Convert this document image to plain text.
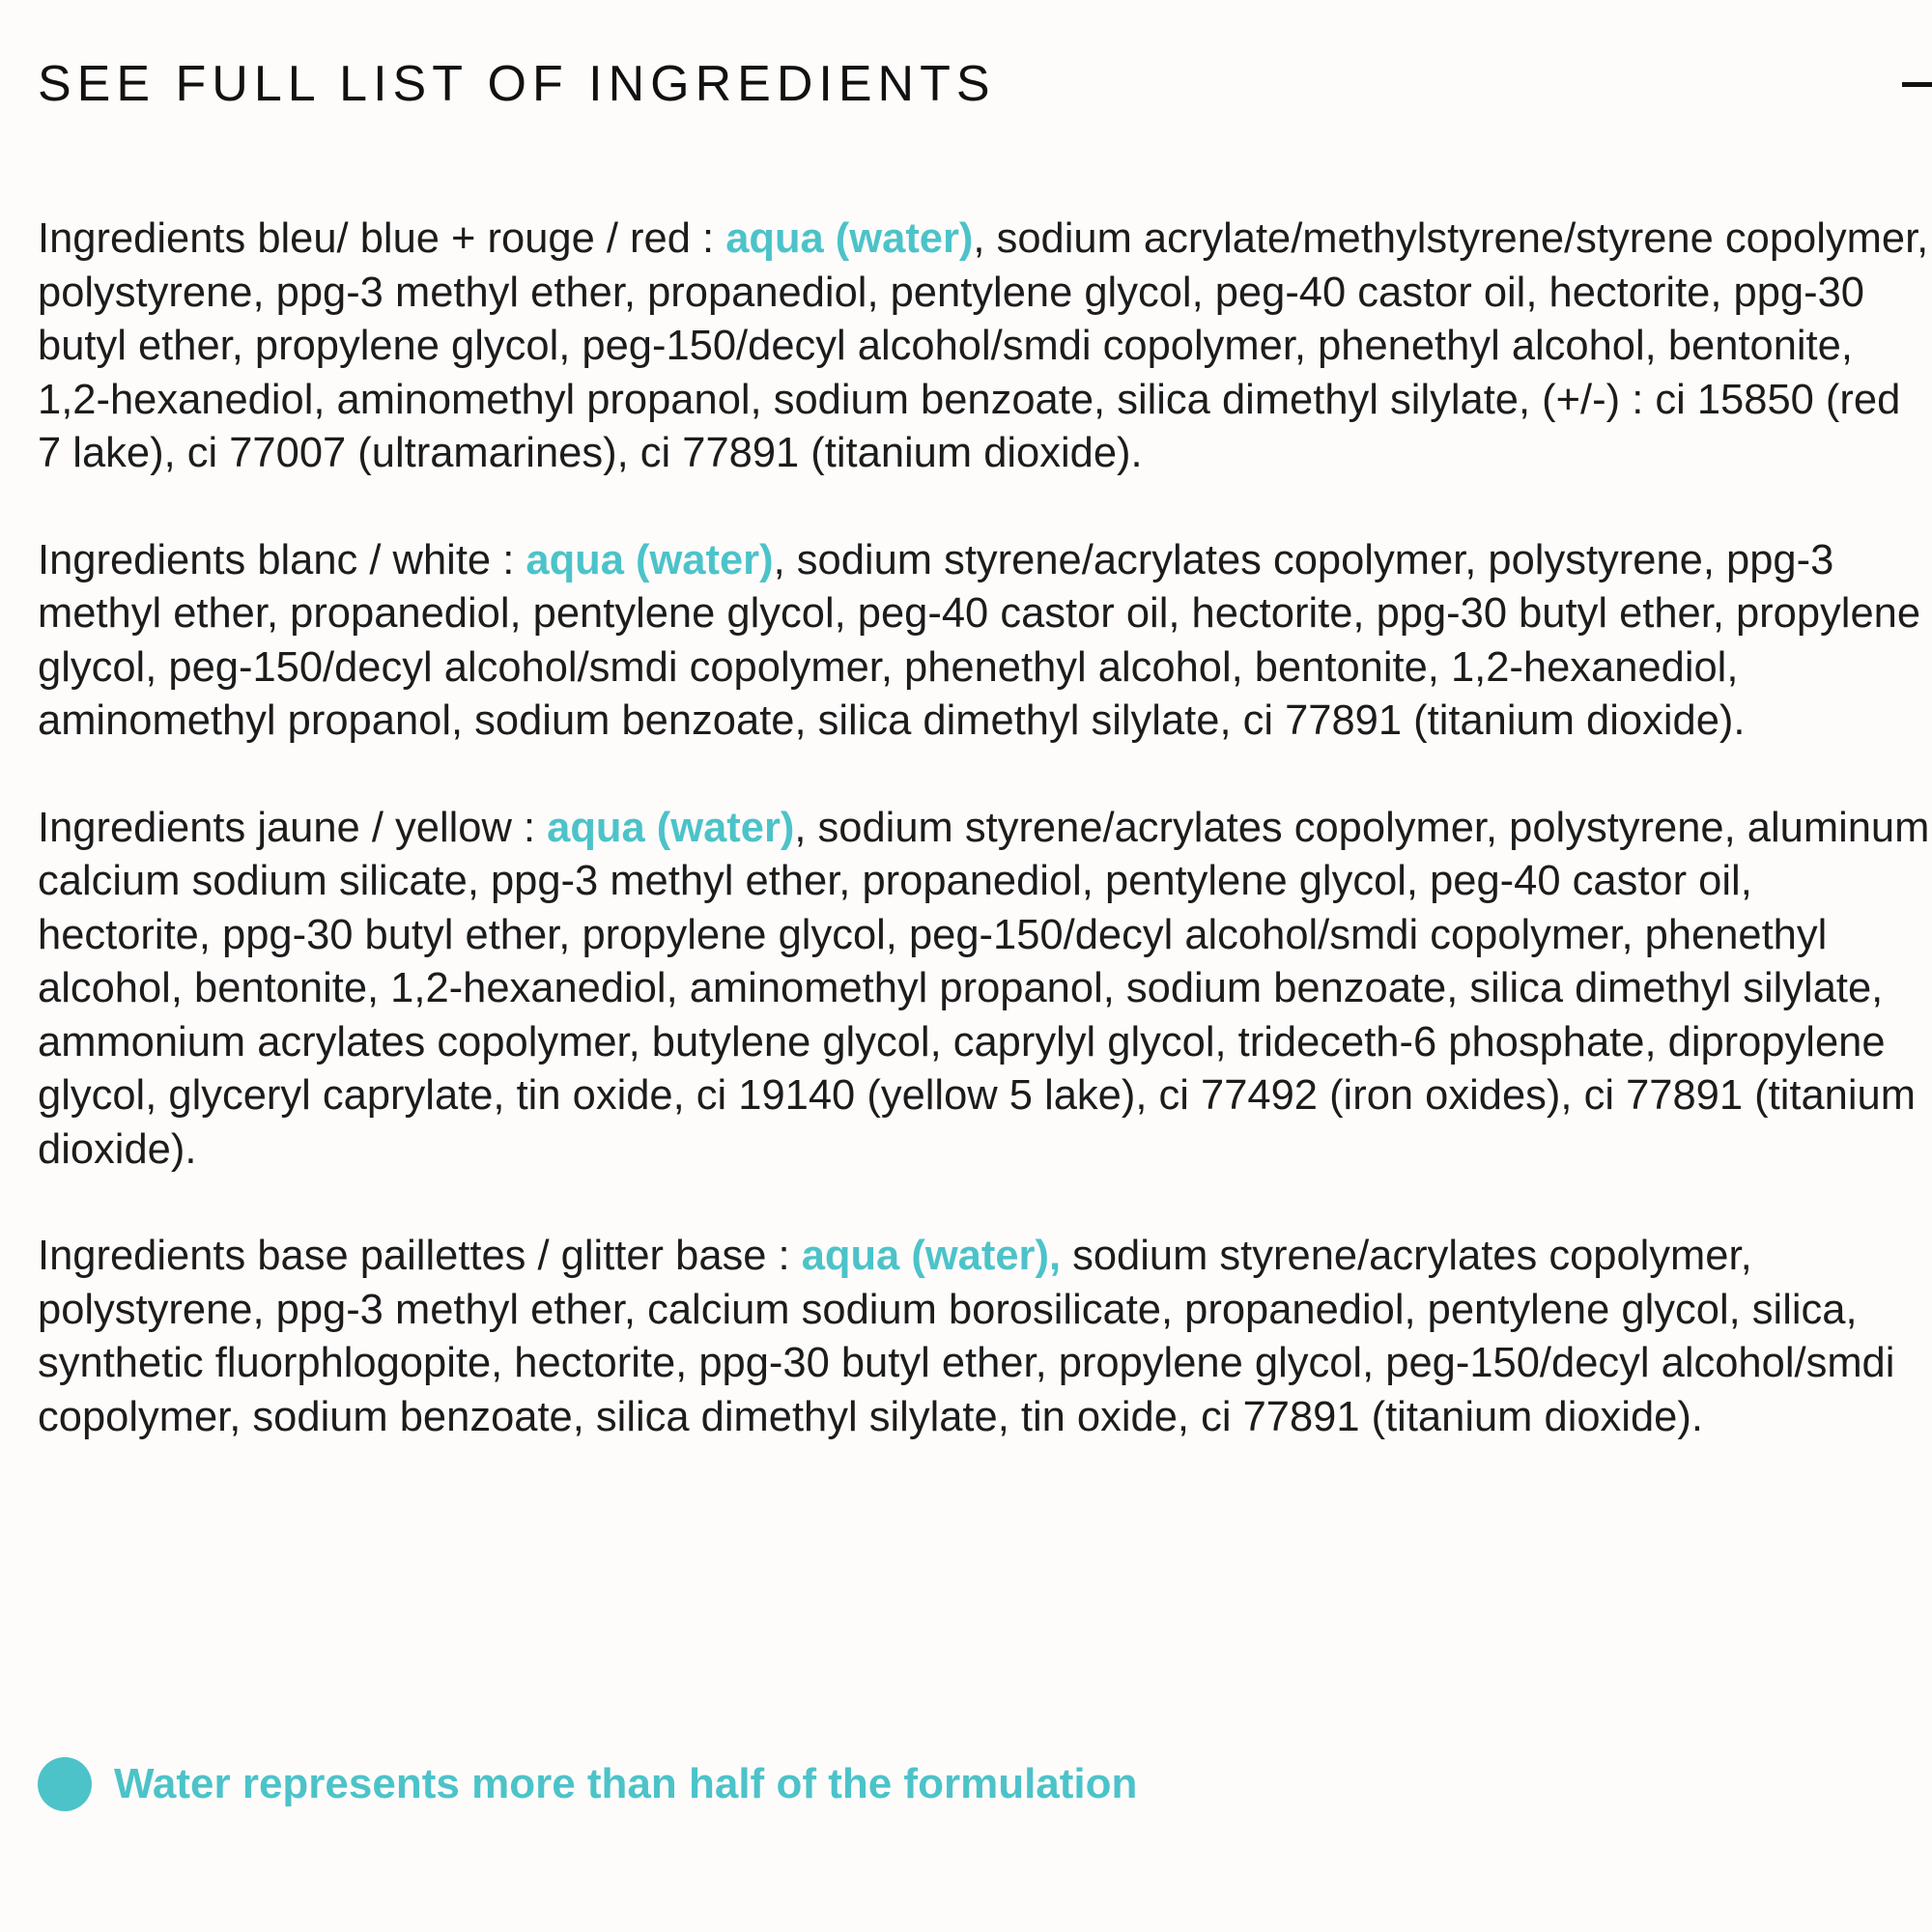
SEE FULL LIST OF INGREDIENTS

Ingredients bleu/ blue + rouge / red : aqua (water), sodium acrylate/methylstyrene/styrene copolymer, polystyrene, ppg-3 methyl ether, propanediol, pentylene glycol, peg-40 castor oil, hectorite, ppg-30 butyl ether, propylene glycol, peg-150/decyl alcohol/smdi copolymer, phenethyl alcohol, bentonite, 1,2-hexanediol, aminomethyl propanol, sodium benzoate, silica dimethyl silylate, (+/-) : ci 15850 (red 7 lake), ci 77007 (ultramarines), ci 77891 (titanium dioxide).

Ingredients blanc / white : aqua (water), sodium styrene/acrylates copolymer, polystyrene, ppg-3 methyl ether, propanediol, pentylene glycol, peg-40 castor oil, hectorite, ppg-30 butyl ether, propylene glycol, peg-150/decyl alcohol/smdi copolymer, phenethyl alcohol, bentonite, 1,2-hexanediol, aminomethyl propanol, sodium benzoate, silica dimethyl silylate, ci 77891 (titanium dioxide).

Ingredients jaune / yellow : aqua (water), sodium styrene/acrylates copolymer, polystyrene, aluminum calcium sodium silicate, ppg-3 methyl ether, propanediol, pentylene glycol, peg-40 castor oil, hectorite, ppg-30 butyl ether, propylene glycol, peg-150/decyl alcohol/smdi copolymer, phenethyl alcohol, bentonite, 1,2-hexanediol, aminomethyl propanol, sodium benzoate, silica dimethyl silylate, ammonium acrylates copolymer, butylene glycol, caprylyl glycol, trideceth-6 phosphate, dipropylene glycol, glyceryl caprylate, tin oxide, ci 19140 (yellow 5 lake), ci 77492 (iron oxides), ci 77891 (titanium dioxide).

Ingredients base paillettes / glitter base : aqua (water), sodium styrene/acrylates copolymer, polystyrene, ppg-3 methyl ether, calcium sodium borosilicate, propanediol, pentylene glycol, silica, synthetic fluorphlogopite, hectorite, ppg-30 butyl ether, propylene glycol, peg-150/decyl alcohol/smdi copolymer, sodium benzoate, silica dimethyl silylate, tin oxide, ci 77891 (titanium dioxide).

Water represents more than half of the formulation
